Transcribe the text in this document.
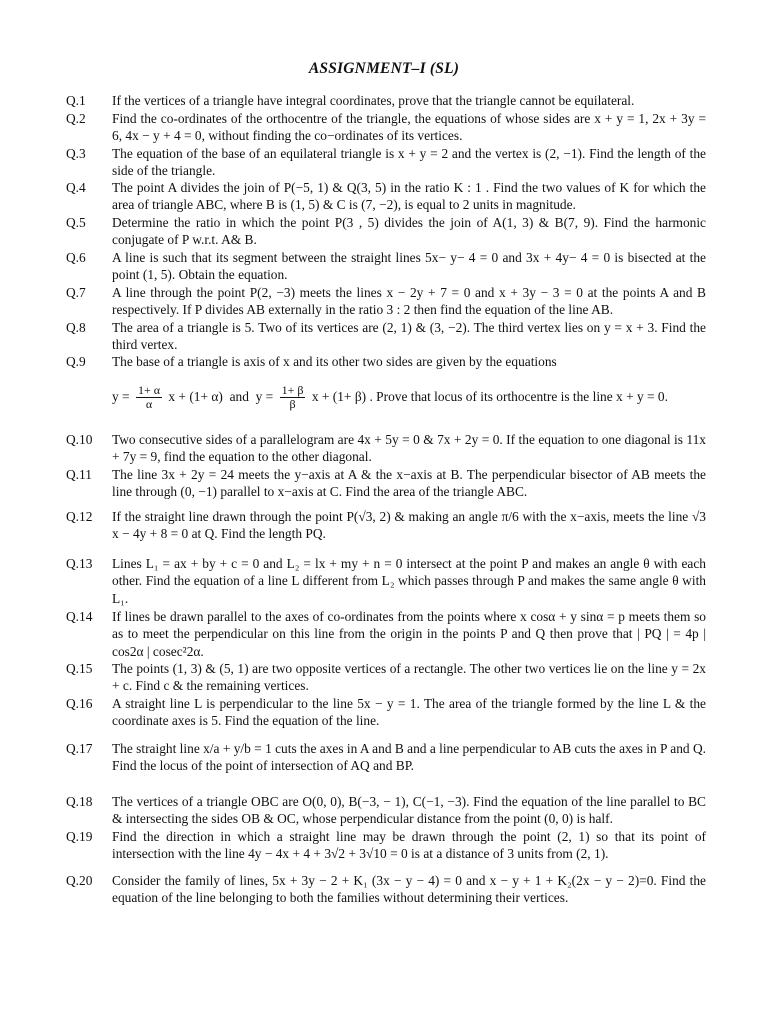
ASSIGNMENT–I (SL)
Q.1	If the vertices of a triangle have integral coordinates, prove that the triangle cannot be equilateral.
Q.2	Find the co-ordinates of the orthocentre of the triangle, the equations of whose sides are x + y = 1, 2x + 3y = 6, 4x − y + 4 = 0, without finding the co−ordinates of its vertices.
Q.3	The equation of the base of an equilateral triangle is x + y = 2 and the vertex is (2, −1). Find the length of the side of the triangle.
Q.4	The point A divides the join of P(−5, 1) & Q(3, 5) in the ratio K : 1 . Find the two values of K for which the area of triangle ABC, where B is (1, 5) & C is (7, −2), is equal to 2 units in magnitude.
Q.5	Determine the ratio in which the point P(3 , 5) divides the join of A(1, 3) & B(7, 9). Find the harmonic conjugate of P w.r.t. A& B.
Q.6	A line is such that its segment between the straight lines 5x− y− 4 = 0 and 3x + 4y− 4 = 0 is bisected at the point (1, 5). Obtain the equation.
Q.7	A line through the point P(2, −3) meets the lines x − 2y + 7 = 0 and x + 3y − 3 = 0 at the points A and B respectively. If P divides AB externally in the ratio 3 : 2 then find the equation of the line AB.
Q.8	The area of a triangle is 5. Two of its vertices are (2, 1) & (3, −2). The third vertex lies on y = x + 3. Find the third vertex.
Q.9	The base of a triangle is axis of x and its other two sides are given by the equations
Q.10	Two consecutive sides of a parallelogram are 4x + 5y = 0 & 7x + 2y = 0. If the equation to one diagonal is 11x + 7y = 9, find the equation to the other diagonal.
Q.11	The line 3x + 2y = 24 meets the y−axis at A & the x−axis at B. The perpendicular bisector of AB meets the line through (0, −1) parallel to x−axis at C. Find the area of the triangle ABC.
Q.12	If the straight line drawn through the point P(√3, 2) & making an angle π/6 with the x−axis, meets the line √3 x − 4y + 8 = 0 at Q. Find the length PQ.
Q.13	Lines L₁ = ax + by + c = 0 and L₂ = lx + my + n = 0 intersect at the point P and makes an angle θ with each other. Find the equation of a line L different from L₂ which passes through P and makes the same angle θ with L₁.
Q.14	If lines be drawn parallel to the axes of co-ordinates from the points where x cosα + y sinα = p meets them so as to meet the perpendicular on this line from the origin in the points P and Q then prove that | PQ | = 4p | cos2α | cosec²2α.
Q.15	The points (1, 3) & (5, 1) are two opposite vertices of a rectangle. The other two vertices lie on the line y = 2x + c. Find c & the remaining vertices.
Q.16	A straight line L is perpendicular to the line 5x − y = 1. The area of the triangle formed by the line L & the coordinate axes is 5. Find the equation of the line.
Q.17	The straight line x/a + y/b = 1 cuts the axes in A and B and a line perpendicular to AB cuts the axes in P and Q. Find the locus of the point of intersection of AQ and BP.
Q.18	The vertices of a triangle OBC are O(0, 0), B(−3, − 1), C(−1, −3). Find the equation of the line parallel to BC & intersecting the sides OB & OC, whose perpendicular distance from the point (0, 0) is half.
Q.19	Find the direction in which a straight line may be drawn through the point (2, 1) so that its point of intersection with the line 4y − 4x + 4 + 3√2 + 3√10 = 0 is at a distance of 3 units from (2, 1).
Q.20	Consider the family of lines, 5x + 3y − 2 + K₁ (3x − y − 4) = 0 and x − y + 1 + K₂(2x − y − 2)=0. Find the equation of the line belonging to both the families without determining their vertices.
$y = \frac{1+ \alpha}{\alpha}$ x + (1+ α) and $y = \frac{1+ \beta}{\beta}$ x + (1+ β) . Prove that locus of its orthocentre is the line x + y = 0.
